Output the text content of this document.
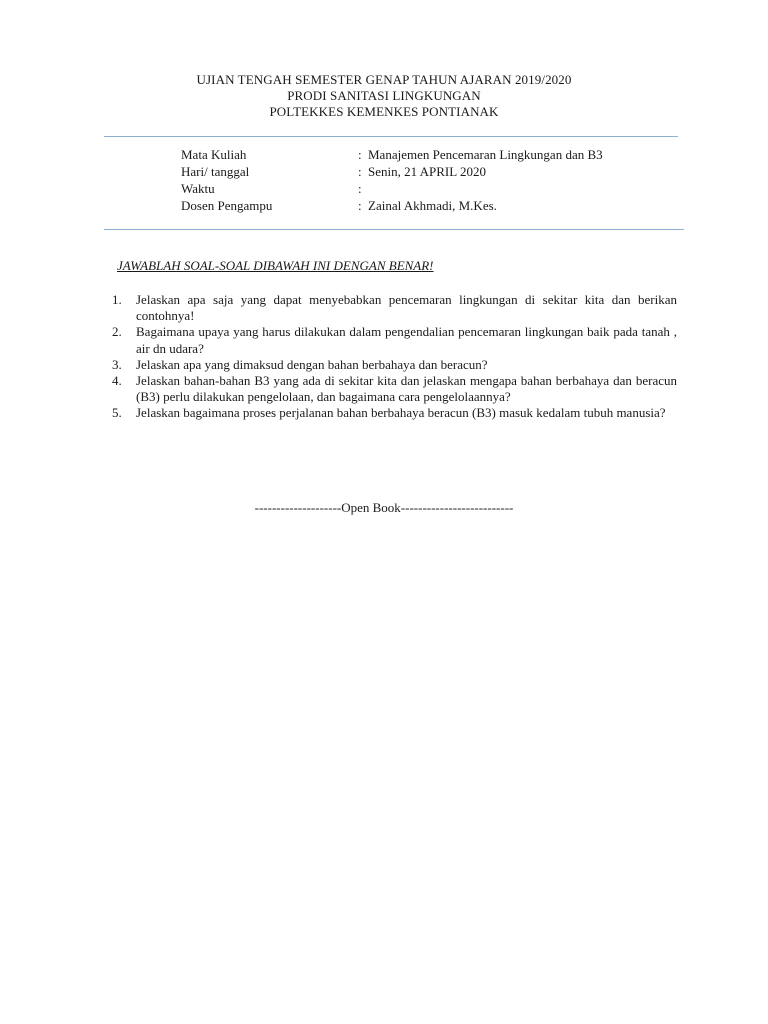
UJIAN TENGAH SEMESTER GENAP TAHUN AJARAN 2019/2020
PRODI SANITASI LINGKUNGAN
POLTEKKES KEMENKES PONTIANAK
Mata Kuliah	: Manajemen Pencemaran Lingkungan dan B3
Hari/ tanggal	: Senin, 21 APRIL 2020
Waktu	:
Dosen Pengampu	: Zainal Akhmadi, M.Kes.
JAWABLAH SOAL-SOAL DIBAWAH INI DENGAN BENAR!
1.	Jelaskan apa saja yang dapat menyebabkan pencemaran lingkungan di sekitar kita dan berikan contohnya!
2.	Bagaimana upaya yang harus dilakukan dalam pengendalian pencemaran lingkungan baik pada tanah , air dn udara?
3.	Jelaskan apa yang dimaksud dengan bahan berbahaya dan beracun?
4.	Jelaskan bahan-bahan B3 yang ada di sekitar kita dan jelaskan mengapa bahan berbahaya dan beracun (B3) perlu dilakukan pengelolaan, dan bagaimana cara pengelolaannya?
5.	Jelaskan bagaimana proses perjalanan bahan berbahaya beracun (B3) masuk kedalam tubuh manusia?
--------------------Open Book--------------------------
